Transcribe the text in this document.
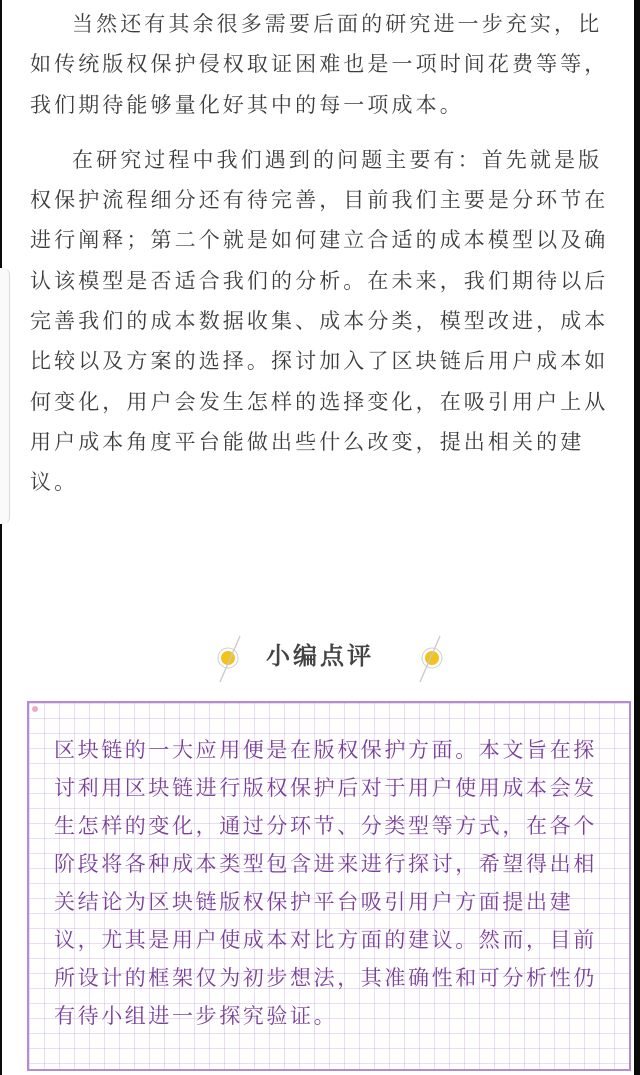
当然还有其余很多需要后面的研究进一步充实，比如传统版权保护侵权取证困难也是一项时间花费等等，我们期待能够量化好其中的每一项成本。

在研究过程中我们遇到的问题主要有：首先就是版权保护流程细分还有待完善，目前我们主要是分环节在进行阐释；第二个就是如何建立合适的成本模型以及确认该模型是否适合我们的分析。在未来，我们期待以后完善我们的成本数据收集、成本分类，模型改进，成本比较以及方案的选择。探讨加入了区块链后用户成本如何变化，用户会发生怎样的选择变化，在吸引用户上从用户成本角度平台能做出些什么改变，提出相关的建议。

小编点评

区块链的一大应用便是在版权保护方面。本文旨在探讨利用区块链进行版权保护后对于用户使用成本会发生怎样的变化，通过分环节、分类型等方式，在各个阶段将各种成本类型包含进来进行探讨，希望得出相关结论为区块链版权保护平台吸引用户方面提出建议，尤其是用户使成本对比方面的建议。然而，目前所设计的框架仅为初步想法，其准确性和可分析性仍有待小组进一步探究验证。
